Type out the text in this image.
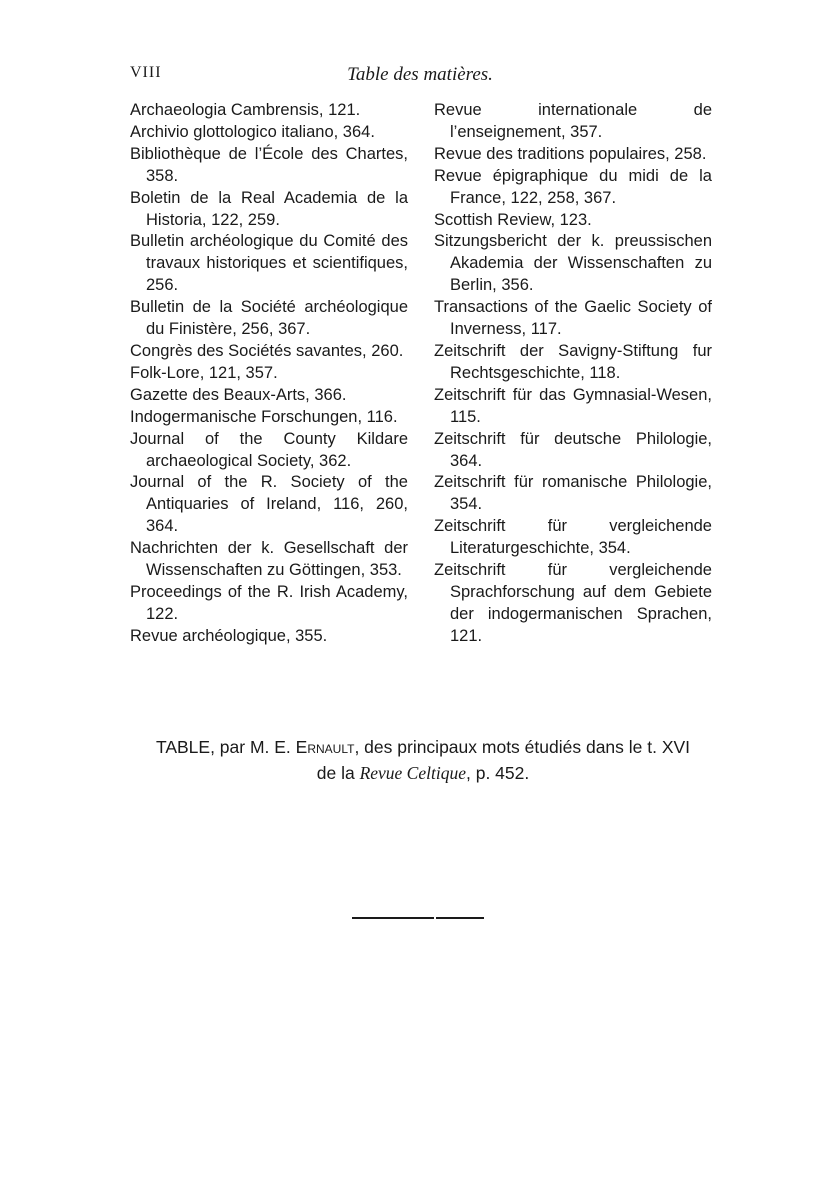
VIII	Table des matières.
Archaeologia Cambrensis, 121.
Archivio glottologico italiano, 364.
Bibliothèque de l’École des Chartes, 358.
Boletin de la Real Academia de la Historia, 122, 259.
Bulletin archéologique du Comité des travaux historiques et scientifiques, 256.
Bulletin de la Société archéologique du Finistère, 256, 367.
Congrès des Sociétés savantes, 260.
Folk-Lore, 121, 357.
Gazette des Beaux-Arts, 366.
Indogermanische Forschungen, 116.
Journal of the County Kildare archaeological Society, 362.
Journal of the R. Society of the Antiquaries of Ireland, 116, 260, 364.
Nachrichten der k. Gesellschaft der Wissenschaften zu Göttingen, 353.
Proceedings of the R. Irish Academy, 122.
Revue archéologique, 355.
Revue internationale de l’enseignement, 357.
Revue des traditions populaires, 258.
Revue épigraphique du midi de la France, 122, 258, 367.
Scottish Review, 123.
Sitzungsbericht der k. preussischen Akademia der Wissenschaften zu Berlin, 356.
Transactions of the Gaelic Society of Inverness, 117.
Zeitschrift der Savigny-Stiftung fur Rechtsgeschichte, 118.
Zeitschrift für das Gymnasial-Wesen, 115.
Zeitschrift für deutsche Philologie, 364.
Zeitschrift für romanische Philologie, 354.
Zeitschrift für vergleichende Literaturgeschichte, 354.
Zeitschrift für vergleichende Sprachforschung auf dem Gebiete der indogermanischen Sprachen, 121.
TABLE, par M. E. Ernault, des principaux mots étudiés dans le t. XVI
de la Revue Celtique, p. 452.
